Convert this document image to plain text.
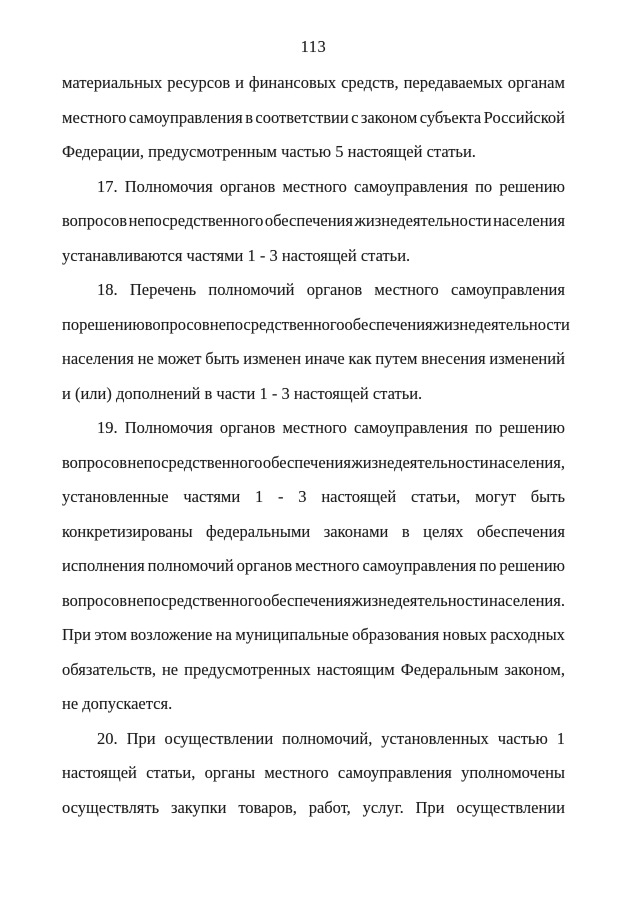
113
материальных ресурсов и финансовых средств, передаваемых органам
местного самоуправления в соответствии с законом субъекта Российской
Федерации, предусмотренным частью 5 настоящей статьи.
17. Полномочия органов местного самоуправления по решению
вопросов непосредственного обеспечения жизнедеятельности населения
устанавливаются частями 1 - 3 настоящей статьи.
18. Перечень полномочий органов местного самоуправления
по решению вопросов непосредственного обеспечения жизнедеятельности
населения не может быть изменен иначе как путем внесения изменений
и (или) дополнений в части 1 - 3 настоящей статьи.
19. Полномочия органов местного самоуправления по решению
вопросов непосредственного обеспечения жизнедеятельности населения,
установленные частями 1 - 3 настоящей статьи, могут быть
конкретизированы федеральными законами в целях обеспечения
исполнения полномочий органов местного самоуправления по решению
вопросов непосредственного обеспечения жизнедеятельности населения.
При этом возложение на муниципальные образования новых расходных
обязательств, не предусмотренных настоящим Федеральным законом,
не допускается.
20. При осуществлении полномочий, установленных частью 1
настоящей статьи, органы местного самоуправления уполномочены
осуществлять закупки товаров, работ, услуг. При осуществлении
